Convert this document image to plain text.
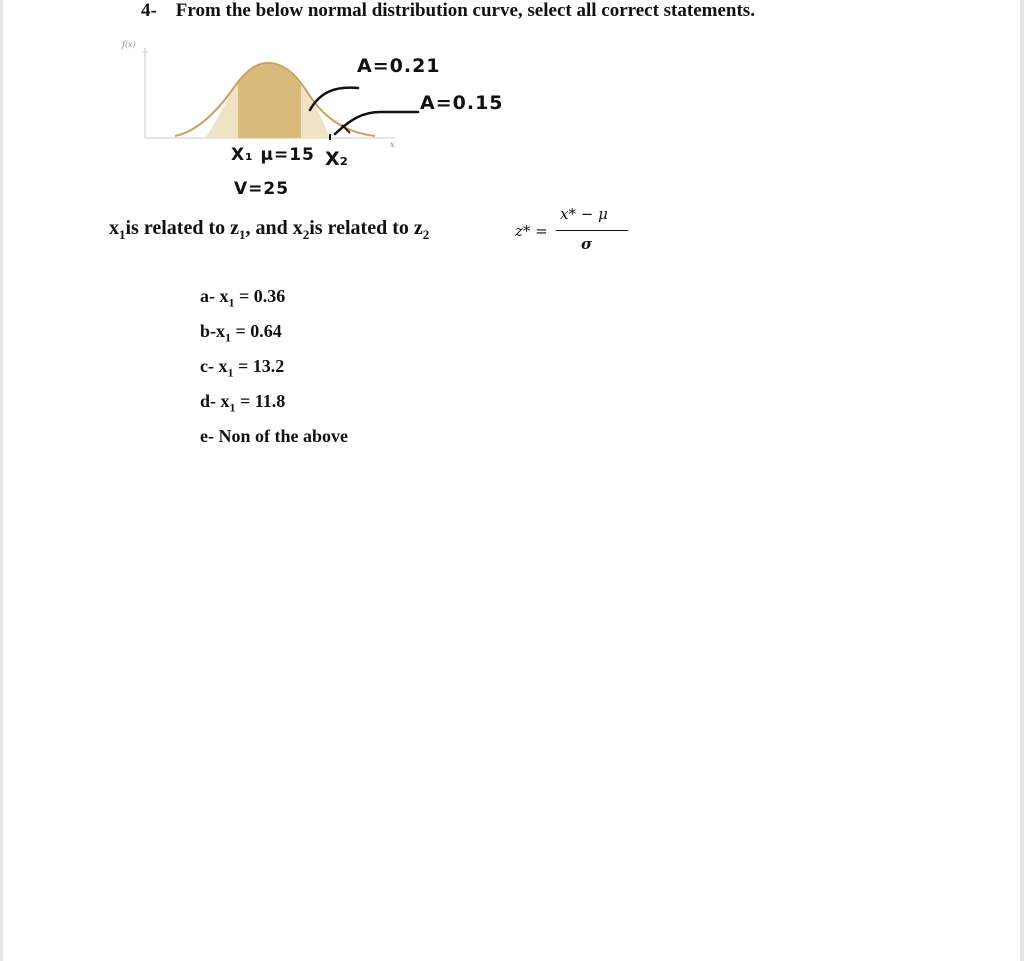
4- From the below normal distribution curve, select all correct statements.
f(x)
x
A=0.21
A=0.15
X₁ μ=15 X₂
V=25
$x_1is$ related to $z_1$, and $x_2is$ related to $z_2$	z* =
x* − μ
σ
a- $x_1 = 0.36$
$b-x_1 = 0.64$
c- $x_1 = 13.2$
d- $x_1 = 11.8$
e- Non of the above
